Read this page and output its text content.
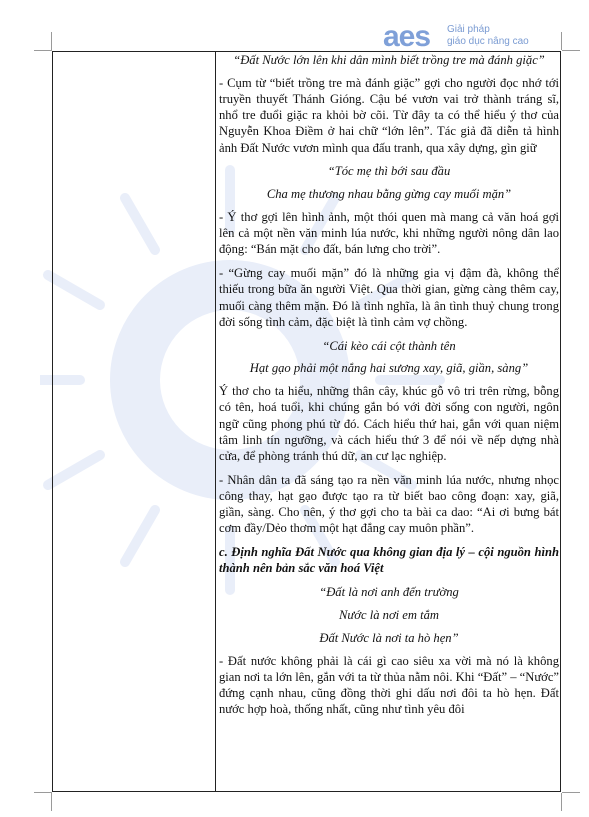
aes Giải pháp
giáo dục nâng cao

“Đất Nước lớn lên khi dân mình biết trồng tre mà đánh giặc”

- Cụm từ “biết trồng tre mà đánh giặc” gợi cho người đọc nhớ tới truyền thuyết Thánh Gióng. Cậu bé vươn vai trở thành tráng sĩ, nhổ tre đuổi giặc ra khỏi bờ cõi. Từ đây ta có thể hiểu ý thơ của Nguyễn Khoa Điềm ở hai chữ “lớn lên”. Tác giả đã diễn tả hình ảnh Đất Nước vươn mình qua đấu tranh, qua xây dựng, gìn giữ

“Tóc mẹ thì bới sau đầu

Cha mẹ thương nhau bằng gừng cay muối mặn”

- Ý thơ gợi lên hình ảnh, một thói quen mà mang cả văn hoá gợi lên cả một nền văn minh lúa nước, khi những người nông dân lao động: “Bán mặt cho đất, bán lưng cho trời”.

- “Gừng cay muối mặn” đó là những gia vị đậm đà, không thể thiếu trong bữa ăn người Việt. Qua thời gian, gừng càng thêm cay, muối càng thêm mặn. Đó là tình nghĩa, là ân tình thuỷ chung trong đời sống tình cảm, đặc biệt là tình cảm vợ chồng.

“Cái kèo cái cột thành tên

Hạt gạo phải một nắng hai sương xay, giã, giần, sàng”

Ý thơ cho ta hiểu, những thân cây, khúc gỗ vô tri trên rừng, bỗng có tên, hoá tuổi, khi chúng gắn bó với đời sống con người, ngôn ngữ cũng phong phú từ đó. Cách hiểu thứ hai, gắn với quan niệm tâm linh tín ngưỡng, và cách hiểu thứ 3 để nói về nếp dựng nhà cửa, để phòng tránh thú dữ, an cư lạc nghiệp.

- Nhân dân ta đã sáng tạo ra nền văn minh lúa nước, nhưng nhọc công thay, hạt gạo được tạo ra từ biết bao công đoạn: xay, giã, giần, sàng. Cho nên, ý thơ gợi cho ta bài ca dao: “Ai ơi bưng bát cơm đầy/Dẻo thơm một hạt đắng cay muôn phần”.

c. Định nghĩa Đất Nước qua không gian địa lý – cội nguồn hình thành nên bản sắc văn hoá Việt

“Đất là nơi anh đến trường

Nước là nơi em tắm

Đất Nước là nơi ta hò hẹn”

- Đất nước không phải là cái gì cao siêu xa vời mà nó là không gian nơi ta lớn lên, gắn với ta từ thủa nằm nôi. Khi “Đất” – “Nước” đứng cạnh nhau, cũng đồng thời ghi dấu nơi đôi ta hò hẹn. Đất nước hợp hoà, thống nhất, cũng như tình yêu đôi
